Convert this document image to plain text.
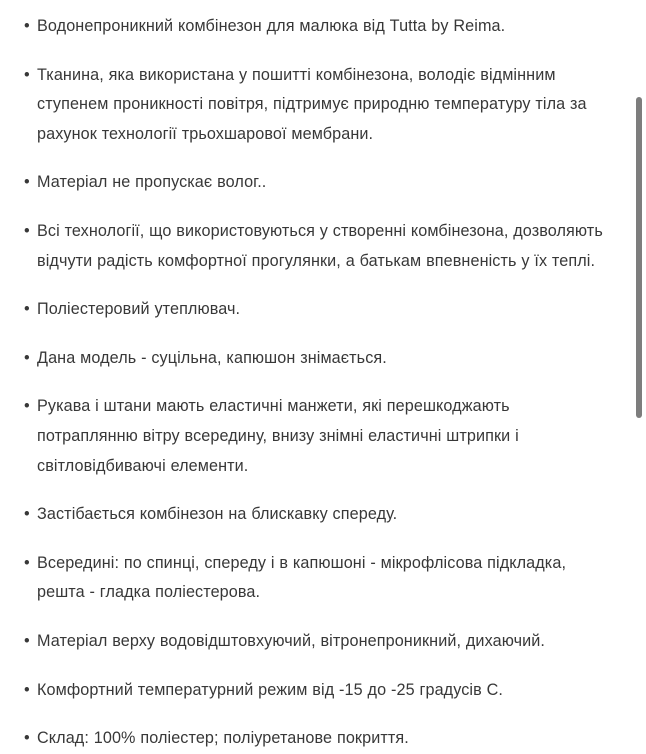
• Водонепроникний комбінезон для малюка від Tutta by Reima.
• Тканина, яка використана у пошитті комбінезона, володіє відмінним ступенем проникності повітря, підтримує природню температуру тіла за рахунок технології трьохшарової мембрани.
• Матеріал не пропускає волог..
• Всі технології, що використовуються у створенні комбінезона, дозволяють відчути радість комфортної прогулянки, а батькам впевненість у їх теплі.
• Поліестеровий утеплювач.
• Дана модель - суцільна, капюшон знімається.
• Рукава і штани мають еластичні манжети, які перешкоджають потраплянню вітру всередину, внизу знімні еластичні штрипки і світловідбиваючі елементи.
• Застібається комбінезон на блискавку спереду.
• Всередині: по спинці, спереду і в капюшоні - мікрофлісова підкладка, решта - гладка поліестерова.
• Матеріал верху водовідштовхуючий, вітронепроникний, дихаючий.
• Комфортний температурний режим від -15 до -25 градусів С.
• Склад: 100% поліестер; поліуретанове покриття.
